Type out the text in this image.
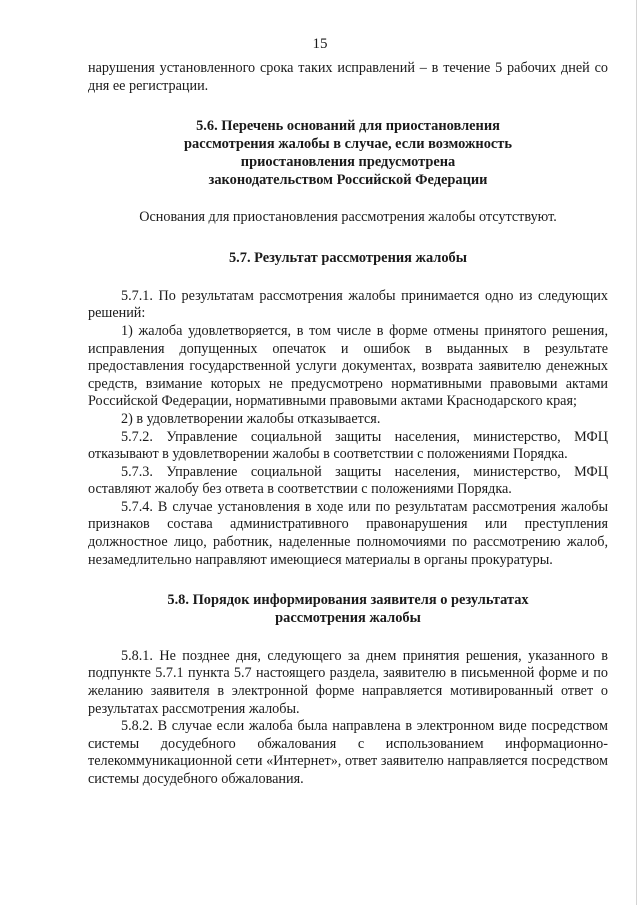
15

нарушения установленного срока таких исправлений – в течение 5 рабочих дней со дня ее регистрации.

5.6. Перечень оснований для приостановления
рассмотрения жалобы в случае, если возможность
приостановления предусмотрена
законодательством Российской Федерации

Основания для приостановления рассмотрения жалобы отсутствуют.

5.7. Результат рассмотрения жалобы

5.7.1. По результатам рассмотрения жалобы принимается одно из следующих решений:

1) жалоба удовлетворяется, в том числе в форме отмены принятого решения, исправления допущенных опечаток и ошибок в выданных в результате предоставления государственной услуги документах, возврата заявителю денежных средств, взимание которых не предусмотрено нормативными правовыми актами Российской Федерации, нормативными правовыми актами Краснодарского края;

2) в удовлетворении жалобы отказывается.

5.7.2. Управление социальной защиты населения, министерство, МФЦ отказывают в удовлетворении жалобы в соответствии с положениями Порядка.

5.7.3. Управление социальной защиты населения, министерство, МФЦ оставляют жалобу без ответа в соответствии с положениями Порядка.

5.7.4. В случае установления в ходе или по результатам рассмотрения жалобы признаков состава административного правонарушения или преступления должностное лицо, работник, наделенные полномочиями по рассмотрению жалоб, незамедлительно направляют имеющиеся материалы в органы прокуратуры.

5.8. Порядок информирования заявителя о результатах
рассмотрения жалобы

5.8.1. Не позднее дня, следующего за днем принятия решения, указанного в подпункте 5.7.1 пункта 5.7 настоящего раздела, заявителю в письменной форме и по желанию заявителя в электронной форме направляется мотивированный ответ о результатах рассмотрения жалобы.

5.8.2. В случае если жалоба была направлена в электронном виде посредством системы досудебного обжалования с использованием информационно-телекоммуникационной сети «Интернет», ответ заявителю направляется посредством системы досудебного обжалования.
